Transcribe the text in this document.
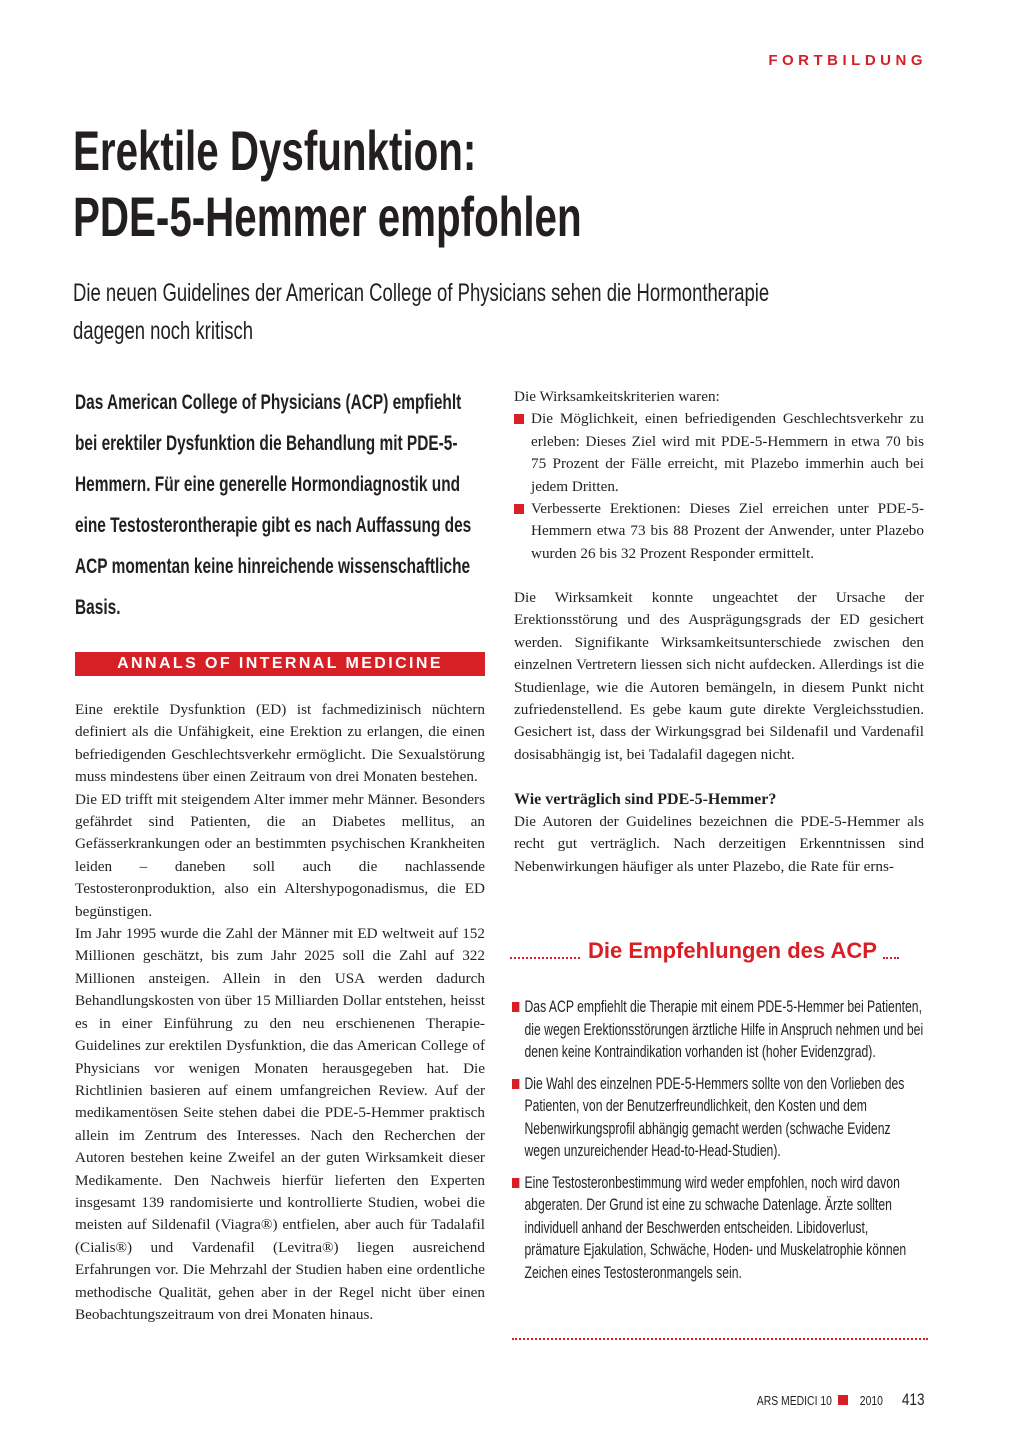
FORTBILDUNG
Erektile Dysfunktion:
PDE-5-Hemmer empfohlen
Die neuen Guidelines der American College of Physicians sehen die Hormontherapie
dagegen noch kritisch
Das American College of Physicians (ACP) empfiehlt bei erektiler Dysfunktion die Behandlung mit PDE-5-Hemmern. Für eine generelle Hormondiagnostik und eine Testosterontherapie gibt es nach Auffassung des ACP momentan keine hinreichende wissenschaftliche Basis.
ANNALS OF INTERNAL MEDICINE

Eine erektile Dysfunktion (ED) ist fachmedizinisch nüchtern definiert als die Unfähigkeit, eine Erektion zu erlangen, die einen befriedigenden Geschlechtsverkehr ermöglicht. Die Sexualstörung muss mindestens über einen Zeitraum von drei Monaten bestehen.

Die ED trifft mit steigendem Alter immer mehr Männer. Besonders gefährdet sind Patienten, die an Diabetes mellitus, an Gefässerkrankungen oder an bestimmten psychischen Krankheiten leiden – daneben soll auch die nachlassende Testosteronproduktion, also ein Altershypogonadismus, die ED begünstigen.

Im Jahr 1995 wurde die Zahl der Männer mit ED weltweit auf 152 Millionen geschätzt, bis zum Jahr 2025 soll die Zahl auf 322 Millionen ansteigen. Allein in den USA werden dadurch Behandlungskosten von über 15 Milliarden Dollar entstehen, heisst es in einer Einführung zu den neu erschienenen Therapie-Guidelines zur erektilen Dysfunktion, die das American College of Physicians vor wenigen Monaten herausgegeben hat. Die Richtlinien basieren auf einem umfangreichen Review. Auf der medikamentösen Seite stehen dabei die PDE-5-Hemmer praktisch allein im Zentrum des Interesses. Nach den Recherchen der Autoren bestehen keine Zweifel an der guten Wirksamkeit dieser Medikamente. Den Nachweis hierfür lieferten den Experten insgesamt 139 randomisierte und kontrollierte Studien, wobei die meisten auf Sildenafil (Viagra®) entfielen, aber auch für Tadalafil (Cialis®) und Vardenafil (Levitra®) liegen ausreichend Erfahrungen vor. Die Mehrzahl der Studien haben eine ordentliche methodische Qualität, gehen aber in der Regel nicht über einen Beobachtungszeitraum von drei Monaten hinaus.

Die Wirksamkeitskriterien waren:

Die Möglichkeit, einen befriedigenden Geschlechtsverkehr zu erleben: Dieses Ziel wird mit PDE-5-Hemmern in etwa 70 bis 75 Prozent der Fälle erreicht, mit Plazebo immerhin auch bei jedem Dritten.
Verbesserte Erektionen: Dieses Ziel erreichen unter PDE-5-Hemmern etwa 73 bis 88 Prozent der Anwender, unter Plazebo wurden 26 bis 32 Prozent Responder ermittelt.
Die Wirksamkeit konnte ungeachtet der Ursache der Erektionsstörung und des Ausprägungsgrads der ED gesichert werden. Signifikante Wirksamkeitsunterschiede zwischen den einzelnen Vertretern liessen sich nicht aufdecken. Allerdings ist die Studienlage, wie die Autoren bemängeln, in diesem Punkt nicht zufriedenstellend. Es gebe kaum gute direkte Vergleichsstudien. Gesichert ist, dass der Wirkungsgrad bei Sildenafil und Vardenafil dosisabhängig ist, bei Tadalafil dagegen nicht.
Wie verträglich sind PDE-5-Hemmer?
Die Autoren der Guidelines bezeichnen die PDE-5-Hemmer als recht gut verträglich. Nach derzeitigen Erkenntnissen sind Nebenwirkungen häufiger als unter Plazebo, die Rate für erns-
Die Empfehlungen des ACP
Das ACP empfiehlt die Therapie mit einem PDE-5-Hemmer bei Patienten, die wegen Erektionsstörungen ärztliche Hilfe in Anspruch nehmen und bei denen keine Kontraindikation vorhanden ist (hoher Evidenzgrad).
Die Wahl des einzelnen PDE-5-Hemmers sollte von den Vorlieben des Patienten, von der Benutzerfreundlichkeit, den Kosten und dem Nebenwirkungsprofil abhängig gemacht werden (schwache Evidenz wegen unzureichender Head-to-Head-Studien).
Eine Testosteronbestimmung wird weder empfohlen, noch wird davon abgeraten. Der Grund ist eine zu schwache Datenlage. Ärzte sollten individuell anhand der Beschwerden entscheiden. Libidoverlust, prämature Ejakulation, Schwäche, Hoden- und Muskelatrophie können Zeichen eines Testosteronmangels sein.
ARS MEDICI 10 2010 413
